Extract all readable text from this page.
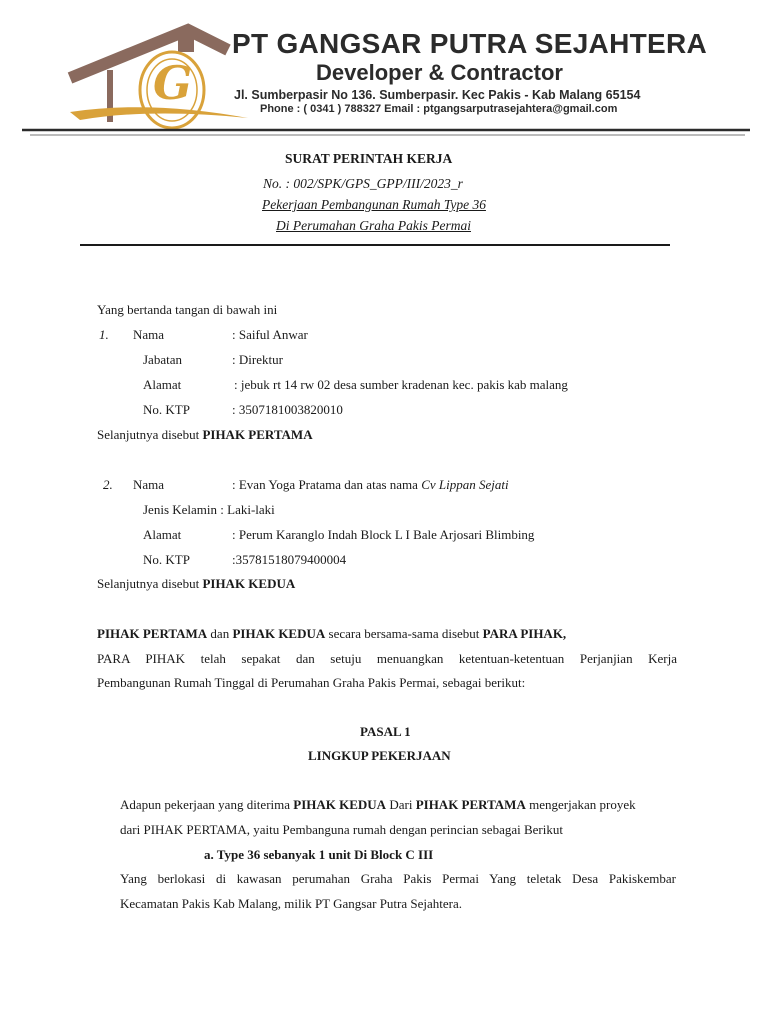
G
PT GANGSAR PUTRA SEJAHTERA
Developer & Contractor
Jl. Sumberpasir No 136. Sumberpasir. Kec Pakis - Kab Malang 65154
Phone : ( 0341 ) 788327 Email : ptgangsarputrasejahtera@gmail.com
SURAT PERINTAH KERJA
No. : 002/SPK/GPS_GPP/III/2023_r
Pekerjaan Pembangunan Rumah Type 36
Di Perumahan Graha Pakis Permai
Yang bertanda tangan di bawah ini
1. Nama	: Saiful Anwar
Jabatan	: Direktur
Alamat	: jebuk rt 14 rw 02 desa sumber kradenan kec. pakis kab malang
No. KTP	: 3507181003820010
Selanjutnya disebut PIHAK PERTAMA
2. Nama	: Evan Yoga Pratama dan atas nama Cv Lippan Sejati
Jenis Kelamin : Laki-laki
Alamat	: Perum Karanglo Indah Block L I Bale Arjosari Blimbing
No. KTP	:35781518079400004
Selanjutnya disebut PIHAK KEDUA
PIHAK PERTAMA dan PIHAK KEDUA secara bersama-sama disebut PARA PIHAK,
PARA PIHAK telah sepakat dan setuju menuangkan ketentuan-ketentuan Perjanjian Kerja
Pembangunan Rumah Tinggal di Perumahan Graha Pakis Permai, sebagai berikut:
PASAL 1
LINGKUP PEKERJAAN
Adapun pekerjaan yang diterima PIHAK KEDUA Dari PIHAK PERTAMA mengerjakan proyek
dari PIHAK PERTAMA, yaitu Pembanguna rumah dengan perincian sebagai Berikut
a. Type 36 sebanyak 1 unit Di Block C III
Yang berlokasi di kawasan perumahan Graha Pakis Permai Yang teletak Desa Pakiskembar
Kecamatan Pakis Kab Malang, milik PT Gangsar Putra Sejahtera.
